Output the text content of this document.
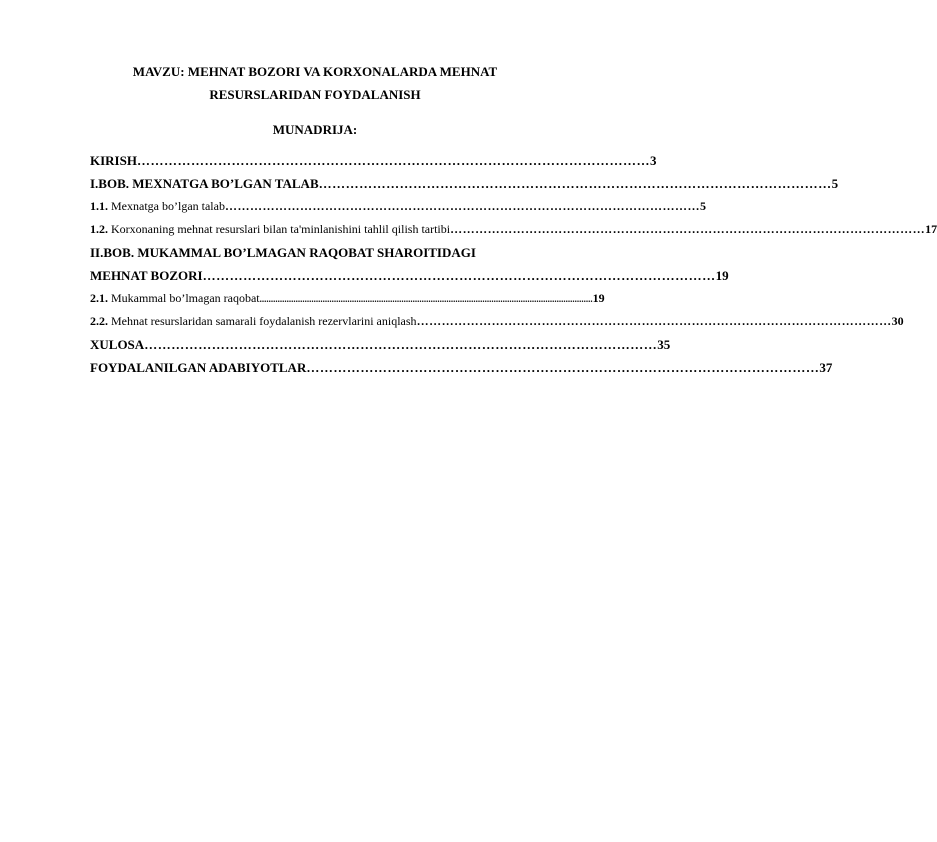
MAVZU: MEHNAT BOZORI VA KORXONALARDA MEHNAT
RESURSLARIDAN FOYDALANISH
MUNADRIJA:
KIRISH …………………………………………………………………………………………………… 3
I.BOB. MEXNATGA BO’LGAN TALAB …………………………………………………………………………………………………… 5
1.1. Mexnatga bo’lgan talab …………………………………………………………………………………………………… 5
1.2. Korxonaning mehnat resurslari bilan ta'minlanishini tahlil qilish tartibi …………………………………………………………………………………………………… 17
II.BOB. MUKAMMAL BO’LMAGAN RAQOBAT SHAROITIDAGI
MEHNAT BOZORI …………………………………………………………………………………………………… 19
2.1. Mukammal bo’lmagan raqobat .................................................................................................................................................... 19
2.2. Mehnat resurslaridan samarali foydalanish rezervlarini aniqlash …………………………………………………………………………………………………… 30
XULOSA …………………………………………………………………………………………………… 35
FOYDALANILGAN ADABIYOTLAR …………………………………………………………………………………………………… 37
